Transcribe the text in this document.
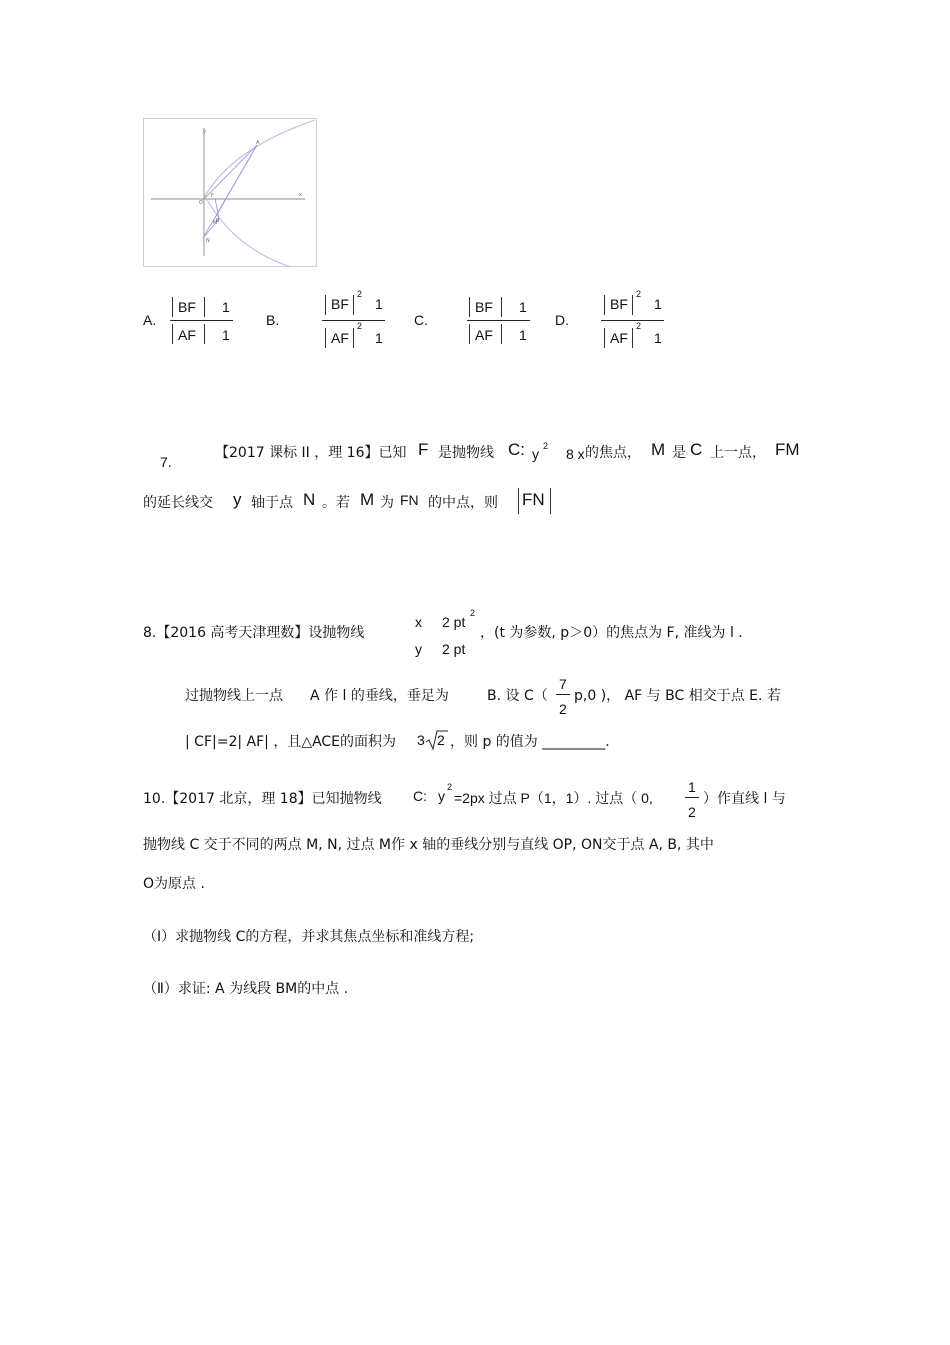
y
x
A
F
O
B
M
N
A.
BF 1
AF 1
B.
BF
2
1
AF
2
1
C.
BF 1
AF 1
D.
BF
2
1
AF
2
1
7.
【2017 课标 II ，理 16】已知 F 是抛物线 C: y 2 8 x 的焦点， M 是 C 上一点， FM
的延长线交 y 轴于点 N 。若 M 为 FN 的中点，则 FN
8.【2016 高考天津理数】设抛物线
x 2 pt
2
y 2 pt
，(t 为参数, p＞0）的焦点为 F, 准线为 l .
过抛物线上一点 A 作 l 的垂线，垂足为	B. 设 C（
7
2
p,0 )， AF 与 BC 相交于点 E. 若
| CF|=2| AF| ，且△ACE的面积为 3 2 ，则 p 的值为 _________.
10.【2017 北京，理 18】已知抛物线 C: y
2
=2px 过点 P（1，1）. 过点（ 0,
1
2
）作直线 l 与
抛物线 C 交于不同的两点 M, N, 过点 M作 x 轴的垂线分别与直线 OP, ON交于点 A, B, 其中
O为原点 .
（Ⅰ）求抛物线 C的方程，并求其焦点坐标和准线方程;
（Ⅱ）求证: A 为线段 BM的中点 .
